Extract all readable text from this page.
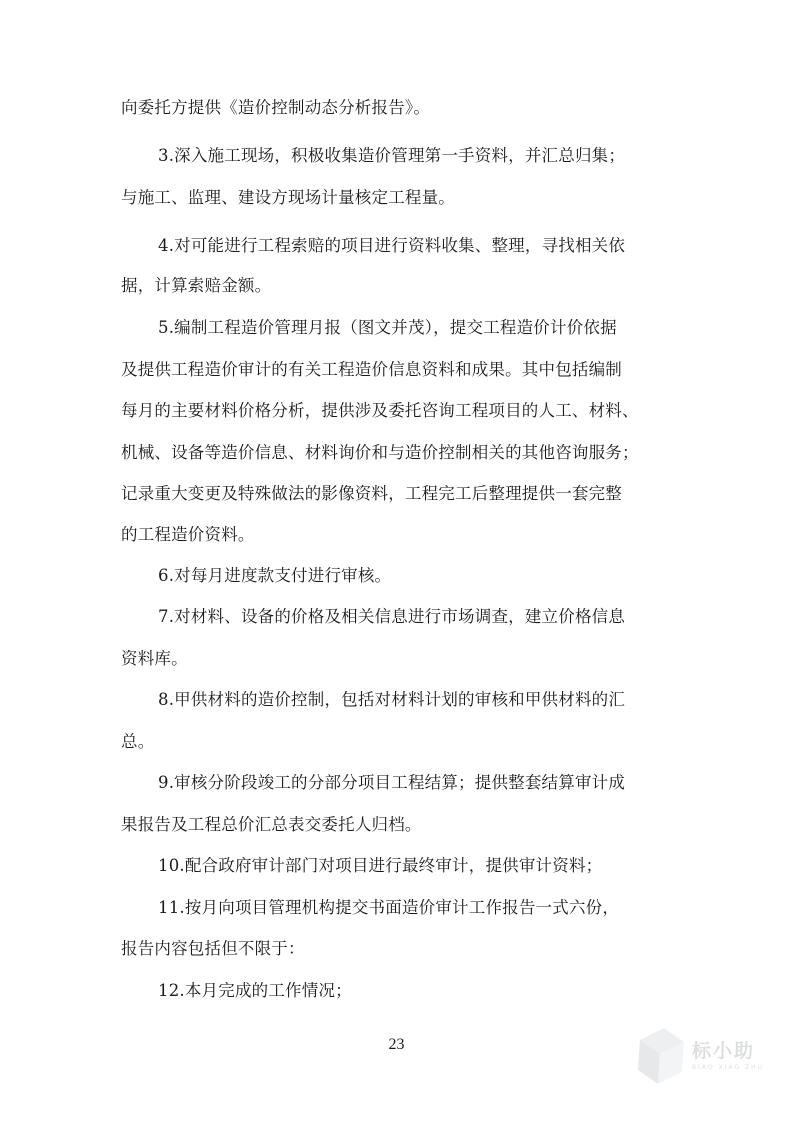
向委托方提供《造价控制动态分析报告》。
3.深入施工现场，积极收集造价管理第一手资料，并汇总归集；
与施工、监理、建设方现场计量核定工程量。
4.对可能进行工程索赔的项目进行资料收集、整理，寻找相关依
据，计算索赔金额。
5.编制工程造价管理月报（图文并茂），提交工程造价计价依据
及提供工程造价审计的有关工程造价信息资料和成果。其中包括编制
每月的主要材料价格分析，提供涉及委托咨询工程项目的人工、材料、
机械、设备等造价信息、材料询价和与造价控制相关的其他咨询服务；
记录重大变更及特殊做法的影像资料，工程完工后整理提供一套完整
的工程造价资料。
6.对每月进度款支付进行审核。
7.对材料、设备的价格及相关信息进行市场调查，建立价格信息
资料库。
8.甲供材料的造价控制，包括对材料计划的审核和甲供材料的汇
总。
9.审核分阶段竣工的分部分项目工程结算；提供整套结算审计成
果报告及工程总价汇总表交委托人归档。
10.配合政府审计部门对项目进行最终审计，提供审计资料；
11.按月向项目管理机构提交书面造价审计工作报告一式六份，
报告内容包括但不限于：
12.本月完成的工作情况；
23	标小助
BIAO XIAO ZHU
